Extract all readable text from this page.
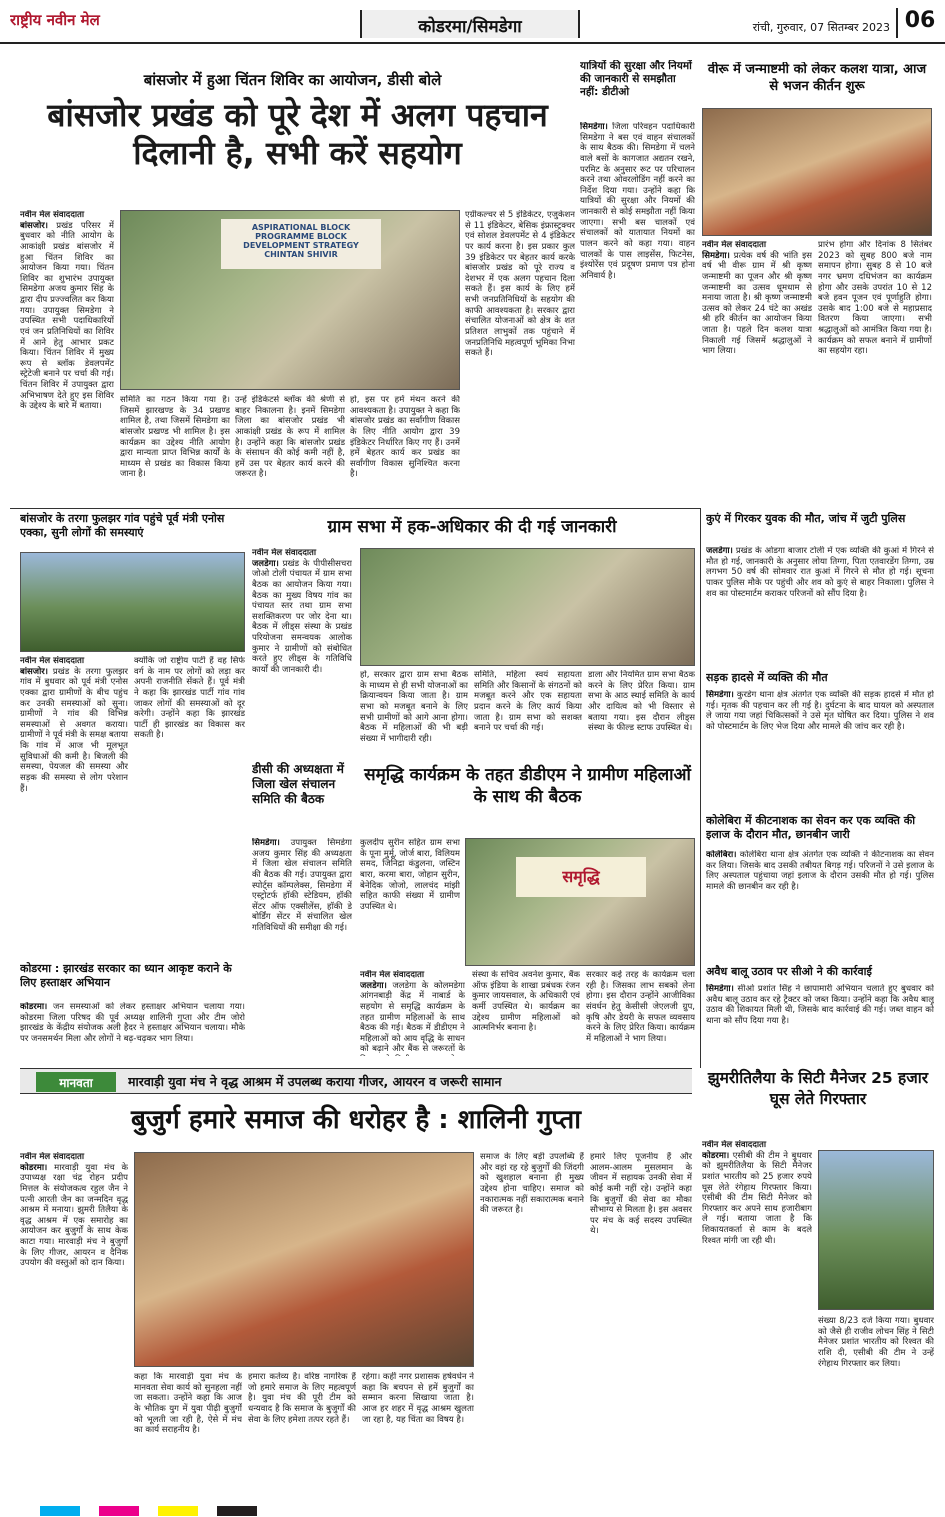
राष्ट्रीय नवीन मेल	कोडरमा/सिमडेगा	रांची, गुरुवार, 07 सितम्बर 2023 06
बांसजोर में हुआ चिंतन शिविर का आयोजन, डीसी बोले
बांसजोर प्रखंड को पूरे देश में अलग पहचान दिलानी है, सभी करें सहयोग
नवीन मेल संवाददाता
बांसजोर। प्रखंड परिसर में बुधवार को नीति आयोग के आकांक्षी प्रखंड बांसजोर में हुआ चिंतन शिविर का आयोजन किया गया। चिंतन शिविर का शुभारंभ उपायुक्त सिमडेगा अजय कुमार सिंह के द्वारा दीप प्रज्ज्वलित कर किया गया। उपायुक्त सिमडेगा ने उपस्थित सभी पदाधिकारियों एवं जन प्रतिनिधियों का शिविर में आने हेतु आभार प्रकट किया। चिंतन शिविर में मुख्य रूप से ब्लॉक डेवलपमेंट स्ट्रेटेजी बनाने पर चर्चा की गई। चिंतन शिविर में उपायुक्त द्वारा अभिभाषण देते हुए इस शिविर के उद्देश्य के बारे में बताया।
ASPIRATIONAL BLOCK PROGRAMME BLOCK DEVELOPMENT STRATEGY CHINTAN SHIVIR
समिति का गठन किया गया है। जिसमें झारखण्ड के 34 प्रखण्ड शामिल है, तथा जिसमें सिमडेगा का बांसजोर प्रखण्ड भी शामिल है। इस कार्यक्रम का उद्देश्य नीति आयोग द्वारा मान्यता प्राप्त विभिन्न कार्यों के माध्यम से प्रखंड का विकास किया जाना है।
उन्हें इंडिकेटर्स ब्लॉक की श्रेणी से बाहर निकालना है। इनमें सिमडेगा जिला का बांसजोर प्रखंड भी आकांक्षी प्रखंड के रूप में शामिल है। उन्होंने कहा कि बांसजोर प्रखंड के संसाधन की कोई कमी नहीं है, हमें उस पर बेहतर कार्य करने की जरूरत है।
हो, इस पर हमें मंथन करने की आवश्यकता है। उपायुक्त ने कहा कि बांसजोर प्रखंड का सर्वांगीण विकास के लिए नीति आयोग द्वारा 39 इंडिकेटर निर्धारित किए गए हैं। उनमें हमें बेहतर कार्य कर प्रखंड का सर्वांगीण विकास सुनिश्चित करना है।
एग्रीकल्चर से 5 इंडिकेटर, एजुकेशन से 11 इंडिकेटर, बेसिक इंफ्रास्ट्रक्चर एवं सोशल डेवलपमेंट से 4 इंडिकेटर पर कार्य करना है। इस प्रकार कुल 39 इंडिकेटर पर बेहतर कार्य करके बांसजोर प्रखंड को पूरे राज्य व देशभर में एक अलग पहचान दिला सकते हैं। इस कार्य के लिए हमें सभी जनप्रतिनिधियों के सहयोग की काफी आवश्यकता है। सरकार द्वारा संचालित योजनाओं को क्षेत्र के शत प्रतिशत लाभुकों तक पहुंचाने में जनप्रतिनिधि महत्वपूर्ण भूमिका निभा सकते हैं।
यात्रियों की सुरक्षा और नियमों की जानकारी से समझौता नहीं: डीटीओ
सिमडेगा। जिला परिवहन पदाधिकारी सिमडेगा ने बस एवं वाहन संचालकों के साथ बैठक की। सिमडेगा में चलने वाले बसों के कागजात अद्यतन रखने, परमिट के अनुसार रूट पर परिचालन करने तथा ओवरलोडिंग नहीं करने का निर्देश दिया गया। उन्होंने कहा कि यात्रियों की सुरक्षा और नियमों की जानकारी से कोई समझौता नहीं किया जाएगा। सभी बस चालकों एवं संचालकों को यातायात नियमों का पालन करने को कहा गया। वाहन चालकों के पास लाइसेंस, फिटनेस, इंश्योरेंस एवं प्रदूषण प्रमाण पत्र होना अनिवार्य है।
वीरू में जन्माष्टमी को लेकर कलश यात्रा, आज से भजन कीर्तन शुरू
नवीन मेल संवाददाता
सिमडेगा। प्रत्येक वर्ष की भांति इस वर्ष भी वीरू ग्राम में श्री कृष्ण जन्माष्टमी का पूजन और श्री कृष्ण जन्माष्टमी का उत्सव धूमधाम से मनाया जाता है। श्री कृष्ण जन्माष्टमी उत्सव को लेकर 24 घंटे का अखंड श्री हरि कीर्तन का आयोजन किया जाता है। पहले दिन कलश यात्रा निकाली गई जिसमें श्रद्धालुओं ने भाग लिया।
प्रारंभ होगा और दिनांक 8 सितंबर 2023 को सुबह 800 बजे नाम समापन होगा। सुबह 8 से 10 बजे नगर भ्रमण दधिभंजन का कार्यक्रम होगा और उसके उपरांत 10 से 12 बजे हवन पूजन एवं पूर्णाहुति होगा। उसके बाद 1:00 बजे से महाप्रसाद वितरण किया जाएगा। सभी श्रद्धालुओं को आमंत्रित किया गया है। कार्यक्रम को सफल बनाने में ग्रामीणों का सहयोग रहा।
बांसजोर के तरगा फुलझर गांव पहुंचे पूर्व मंत्री एनोस एक्का, सुनी लोगों की समस्याएं
नवीन मेल संवाददाता
बांसजोर। प्रखंड के तरगा फुलझर गांव में बुधवार को पूर्व मंत्री एनोस एक्का द्वारा ग्रामीणों के बीच पहुंच कर उनकी समस्याओं को सुना। ग्रामीणों ने गांव की विभिन्न समस्याओं से अवगत कराया। ग्रामीणों ने पूर्व मंत्री के समक्ष बताया कि गांव में आज भी मूलभूत सुविधाओं की कमी है। बिजली की समस्या, पेयजल की समस्या और सड़क की समस्या से लोग परेशान हैं।
क्योंकि जो राष्ट्रीय पार्टी हैं वह सिर्फ वर्ग के नाम पर लोगों को लड़ा कर अपनी राजनीति सेंकते हैं। पूर्व मंत्री ने कहा कि झारखंड पार्टी गांव गांव जाकर लोगों की समस्याओं को दूर करेगी। उन्होंने कहा कि झारखंड पार्टी ही झारखंड का विकास कर सकती है।
ग्राम सभा में हक-अधिकार की दी गई जानकारी
नवीन मेल संवाददाता
जलडेगा। प्रखंड के पीपीसीसचरा जोओ टोली पंचायत में ग्राम सभा बैठक का आयोजन किया गया। बैठक का मुख्य विषय गांव का पंचायत स्तर तथा ग्राम सभा सशक्तिकरण पर जोर देना था। बैठक में लीड्स संस्था के प्रखंड परियोजना समन्वयक आलोक कुमार ने ग्रामीणों को संबोधित करते हुए लीड्स के गतिविधि कार्यों की जानकारी दी।
हो, सरकार द्वारा ग्राम सभा बैठक के माध्यम से ही सभी योजनाओं का क्रियान्वयन किया जाता है। ग्राम सभा को मजबूत बनाने के लिए सभी ग्रामीणों को आगे आना होगा। बैठक में महिलाओं की भी बड़ी संख्या में भागीदारी रही।
समिति, महिला स्वयं सहायता समिति और किसानों के संगठनों को मजबूत करने और एक सहायता प्रदान करने के लिए कार्य किया जाता है। ग्राम सभा को सशक्त बनाने पर चर्चा की गई।
डाला और नियमित ग्राम सभा बैठक करने के लिए प्रेरित किया। ग्राम सभा के आठ स्थाई समिति के कार्य और दायित्व को भी विस्तार से बताया गया। इस दौरान लीड्स संस्था के फील्ड स्टाफ उपस्थित थे।
डीसी की अध्यक्षता में जिला खेल संचालन समिति की बैठक
सिमडेगा। उपायुक्त सिमडेगा अजय कुमार सिंह की अध्यक्षता में जिला खेल संचालन समिति की बैठक की गई। उपायुक्त द्वारा स्पोर्ट्स कॉम्पलेक्स, सिमडेगा में एस्ट्रोटर्फ हॉकी स्टेडियम, हॉकी सेंटर ऑफ एक्सीलेंस, हॉकी डे बोर्डिंग सेंटर में संचालित खेल गतिविधियों की समीक्षा की गई।
कुलदीप सुरीन सहित ग्राम सभा के पूना मुर्मू, जोर्ज बारा, विलियम समद, जिनिद्रा कंडुलना, जस्टिन बारा, करमा बारा, जोहान सुरीन, बेनेदिक जोजो, लालचंद मांझी सहित काफी संख्या में ग्रामीण उपस्थित थे।
समृद्धि कार्यक्रम के तहत डीडीएम ने ग्रामीण महिलाओं के साथ की बैठक
समृद्धि
नवीन मेल संवाददाता
जलडेगा। जलडेगा के कोलमडेगा आंगनबाड़ी केंद्र में नाबार्ड के सहयोग से समृद्धि कार्यक्रम के तहत ग्रामीण महिलाओं के साथ बैठक की गई। बैठक में डीडीएम ने महिलाओं को आय वृद्धि के साधन को बढ़ाने और बैंक से जरूरतों के
संस्था के सचिव अवनेश कुमार, बैंक ऑफ इंडिया के शाखा प्रबंधक रंजन कुमार जायसवाल, के अधिकारी एवं कर्मी उपस्थित थे। कार्यक्रम का उद्देश्य ग्रामीण महिलाओं को आत्मनिर्भर बनाना है।
सरकार कई तरह के कार्यक्रम चला रही है। जिसका लाभ सबको लेना होगा। इस दौरान उन्होंने आजीविका संवर्धन हेतु केसीसी जेएलजी ग्रुप, कृषि और डेयरी के सफल व्यवसाय करने के लिए प्रेरित किया। कार्यक्रम में महिलाओं ने भाग लिया।
कोडरमा : झारखंड सरकार का ध्यान आकृष्ट कराने के लिए हस्ताक्षर अभियान
कोडरमा। जन समस्याओं को लेकर हस्ताक्षर अभियान चलाया गया। कोडरमा जिला परिषद की पूर्व अध्यक्ष शालिनी गुप्ता और टीम जोरो झारखंड के केंद्रीय संयोजक अली हैदर ने हस्ताक्षर अभियान चलाया। मौके पर जनसमर्थन मिला और लोगों ने बढ़-चढ़कर भाग लिया।
कुएं में गिरकर युवक की मौत, जांच में जुटी पुलिस
जलडेगा। प्रखंड के ओडगा बाजार टोली में एक व्यक्ति की कुआं में गिरने से मौत हो गई, जानकारी के अनुसार लोया तिग्गा, पिता एतवारडेंग तिग्गा, उम्र लगभग 50 वर्ष की सोमवार रात कुआं में गिरने से मौत हो गई। सूचना पाकर पुलिस मौके पर पहुंची और शव को कुएं से बाहर निकाला। पुलिस ने शव का पोस्टमार्टम कराकर परिजनों को सौंप दिया है।
सड़क हादसे में व्यक्ति की मौत
सिमडेगा। कुरडेग थाना क्षेत्र अंतर्गत एक व्यक्ति की सड़क हादसे में मौत हो गई। मृतक की पहचान कर ली गई है। दुर्घटना के बाद घायल को अस्पताल ले जाया गया जहां चिकित्सकों ने उसे मृत घोषित कर दिया। पुलिस ने शव को पोस्टमार्टम के लिए भेज दिया और मामले की जांच कर रही है।
कोलेबिरा में कीटनाशक का सेवन कर एक व्यक्ति की इलाज के दौरान मौत, छानबीन जारी
कोलेबिरा। कोलेबिरा थाना क्षेत्र अंतर्गत एक व्यक्ति ने कीटनाशक का सेवन कर लिया। जिसके बाद उसकी तबीयत बिगड़ गई। परिजनों ने उसे इलाज के लिए अस्पताल पहुंचाया जहां इलाज के दौरान उसकी मौत हो गई। पुलिस मामले की छानबीन कर रही है।
अवैध बालू उठाव पर सीओ ने की कार्रवाई
सिमडेगा। सीओ प्रशांत सिंह ने छापामारी अभियान चलाते हुए बुधवार को अवैध बालू उठाव कर रहे ट्रैक्टर को जब्त किया। उन्होंने कहा कि अवैध बालू उठाव की शिकायत मिली थी, जिसके बाद कार्रवाई की गई। जब्त वाहन को थाना को सौंप दिया गया है।
मानवता	मारवाड़ी युवा मंच ने वृद्ध आश्रम में उपलब्ध कराया गीजर, आयरन व जरूरी सामान
बुजुर्ग हमारे समाज की धरोहर है : शालिनी गुप्ता
नवीन मेल संवाददाता
कोडरमा। मारवाड़ी युवा मंच के उपाध्यक्ष रक्षा चंद्र रोहन प्रदीप मित्तल के संयोजकत्व रहुल जैन ने पत्नी आरती जैन का जन्मदिन वृद्ध आश्रम में मनाया। झुमरी तिलैया के वृद्ध आश्रम में एक समारोह का आयोजन कर बुजुर्गों के साथ केक काटा गया। मारवाड़ी मंच ने बुजुर्गों के लिए गीजर, आयरन व दैनिक उपयोग की वस्तुओं को दान किया।
कहा कि मारवाड़ी युवा मंच के मानवता सेवा कार्य को सुनहला नहीं जा सकता। उन्होंने कहा कि आज के भौतिक युग में युवा पीढ़ी बुजुर्गों को भूलती जा रही है, ऐसे में मंच का कार्य सराहनीय है।
हमारा कर्तव्य है। वरिष्ठ नागरिक हैं जो हमारे समाज के लिए महत्वपूर्ण है। युवा मंच की पूरी टीम को धन्यवाद है कि समाज के बुजुर्गों की सेवा के लिए हमेशा तत्पर रहते हैं।
रहेगा। कहीं नगर प्रशासक हर्षवर्धन ने कहा कि बचपन से हमें बुजुर्गों का सम्मान करना सिखाया जाता है। आज हर शहर में वृद्ध आश्रम खुलता जा रहा है, यह चिंता का विषय है।
समाज के लिए बड़ी उपलब्धि हैं और वहां रह रहे बुजुर्गों की जिंदगी को खुशहाल बनाना ही मुख्य उद्देश्य होना चाहिए। समाज को नकारात्मक नहीं सकारात्मक बनाने की जरूरत है।
हमारे लिए पूजनीय हैं और आलम-आलम मुसलमान के जीवन में सहायक उनकी सेवा में कोई कमी नहीं रहे। उन्होंने कहा कि बुजुर्गों की सेवा का मौका सौभाग्य से मिलता है। इस अवसर पर मंच के कई सदस्य उपस्थित थे।
झुमरीतिलैया के सिटी मैनेजर 25 हजार घूस लेते गिरफ्तार
नवीन मेल संवाददाता
कोडरमा। एसीबी की टीम ने बुधवार को झुमरीतिलैया के सिटी मैनेजर प्रशांत भारतीय को 25 हजार रुपये घूस लेते रंगेहाथ गिरफ्तार किया। एसीबी की टीम सिटी मैनेजर को गिरफ्तार कर अपने साथ हजारीबाग ले गई। बताया जाता है कि शिकायतकर्ता से काम के बदले रिश्वत मांगी जा रही थी।
संख्या 8/23 दर्ज किया गया। बुधवार को जैसे ही राजीव लोचन सिंह ने सिटी मैनेजर प्रशांत भारतीय को रिश्वत की राशि दी, एसीबी की टीम ने उन्हें रंगेहाथ गिरफ्तार कर लिया।
